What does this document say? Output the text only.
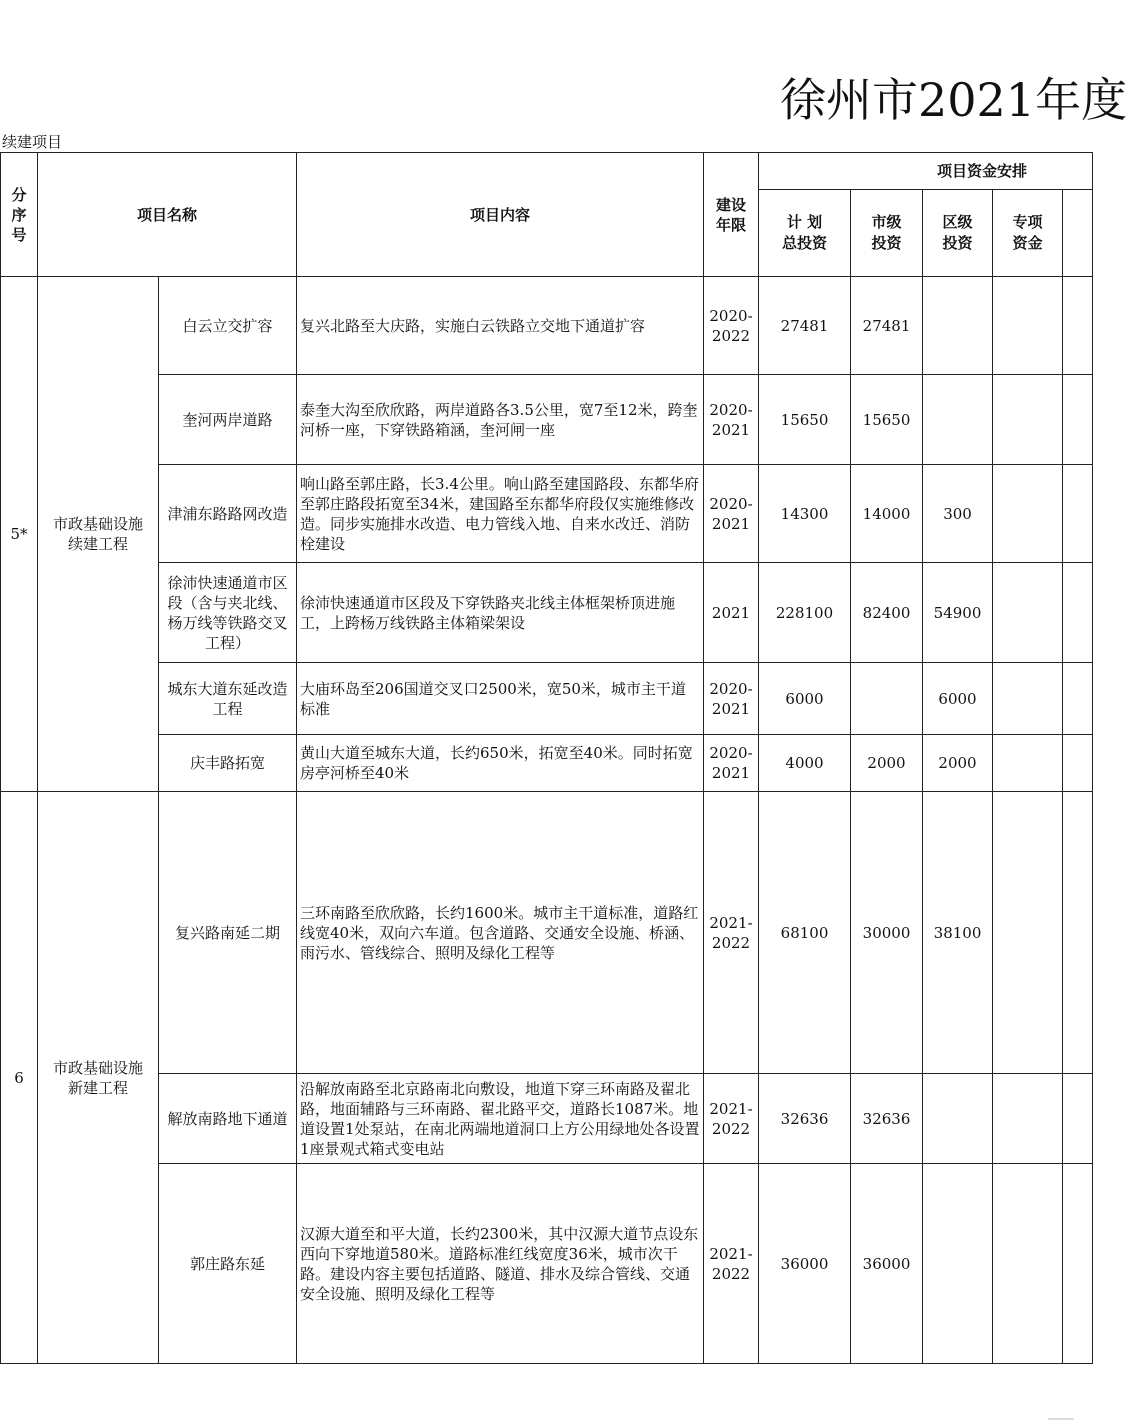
徐州市2021年度
续建项目
分序号	项目名称		项目内容	建设年限	项目资金安排				
					计 划总投资	市级投资	区级投资	专项资金	
5*	市政基础设施续建工程	白云立交扩容	复兴北路至大庆路，实施白云铁路立交地下通道扩容	2020-2022	27481	27481			
		奎河两岸道路	泰奎大沟至欣欣路，两岸道路各3.5公里，宽7至12米，跨奎河桥一座，下穿铁路箱涵，奎河闸一座	2020-2021	15650	15650			
		津浦东路路网改造	响山路至郭庄路，长3.4公里。响山路至建国路段、东都华府至郭庄路段拓宽至34米，建国路至东都华府段仅实施维修改造。同步实施排水改造、电力管线入地、自来水改迁、消防栓建设	2020-2021	14300	14000	300		
		徐沛快速通道市区段（含与夹北线、杨万线等铁路交叉工程）	徐沛快速通道市区段及下穿铁路夹北线主体框架桥顶进施工，上跨杨万线铁路主体箱梁架设	2021	228100	82400	54900		
		城东大道东延改造工程	大庙环岛至206国道交叉口2500米，宽50米，城市主干道标准	2020-2021	6000		6000		
		庆丰路拓宽	黄山大道至城东大道，长约650米，拓宽至40米。同时拓宽房亭河桥至40米	2020-2021	4000	2000	2000		
6	市政基础设施新建工程	复兴路南延二期	三环南路至欣欣路，长约1600米。城市主干道标准，道路红线宽40米，双向六车道。包含道路、交通安全设施、桥涵、雨污水、管线综合、照明及绿化工程等	2021-2022	68100	30000	38100		
		解放南路地下通道	沿解放南路至北京路南北向敷设，地道下穿三环南路及翟北路，地面辅路与三环南路、翟北路平交，道路长1087米。地道设置1处泵站，在南北两端地道洞口上方公用绿地处各设置1座景观式箱式变电站	2021-2022	32636	32636			
		郭庄路东延	汉源大道至和平大道，长约2300米，其中汉源大道节点设东西向下穿地道580米。道路标准红线宽度36米，城市次干路。建设内容主要包括道路、隧道、排水及综合管线、交通安全设施、照明及绿化工程等	2021-2022	36000	36000			
